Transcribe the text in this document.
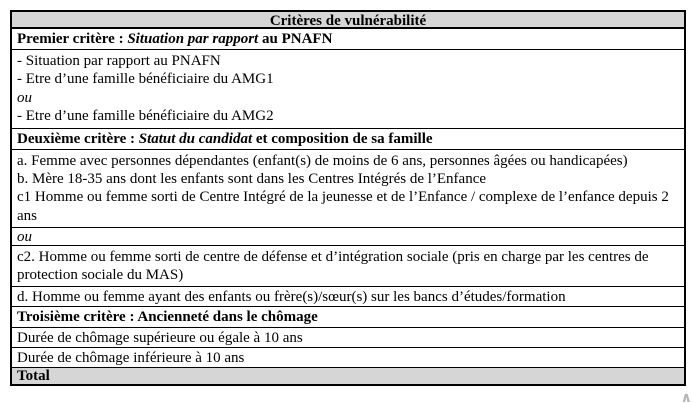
Critères de vulnérabilité
Premier critère : Situation par rapport au PNAFN
- Situation par rapport au PNAFN
- Etre d’une famille bénéficiaire du AMG1
ou
- Etre d’une famille bénéficiaire du AMG2
Deuxième critère : Statut du candidat et composition de sa famille
a. Femme avec personnes dépendantes (enfant(s) de moins de 6 ans, personnes âgées ou handicapées)
b. Mère 18-35 ans dont les enfants sont dans les Centres Intégrés de l’Enfance
c1 Homme ou femme sorti de Centre Intégré de la jeunesse et de l’Enfance / complexe de l’enfance depuis 2 ans
ou
c2. Homme ou femme sorti de centre de défense et d’intégration sociale (pris en charge par les centres de protection sociale du MAS)
d. Homme ou femme ayant des enfants ou frère(s)/sœur(s) sur les bancs d’études/formation
Troisième critère : Ancienneté dans le chômage
Durée de chômage supérieure ou égale à 10 ans
Durée de chômage inférieure à 10 ans
Total
∧
